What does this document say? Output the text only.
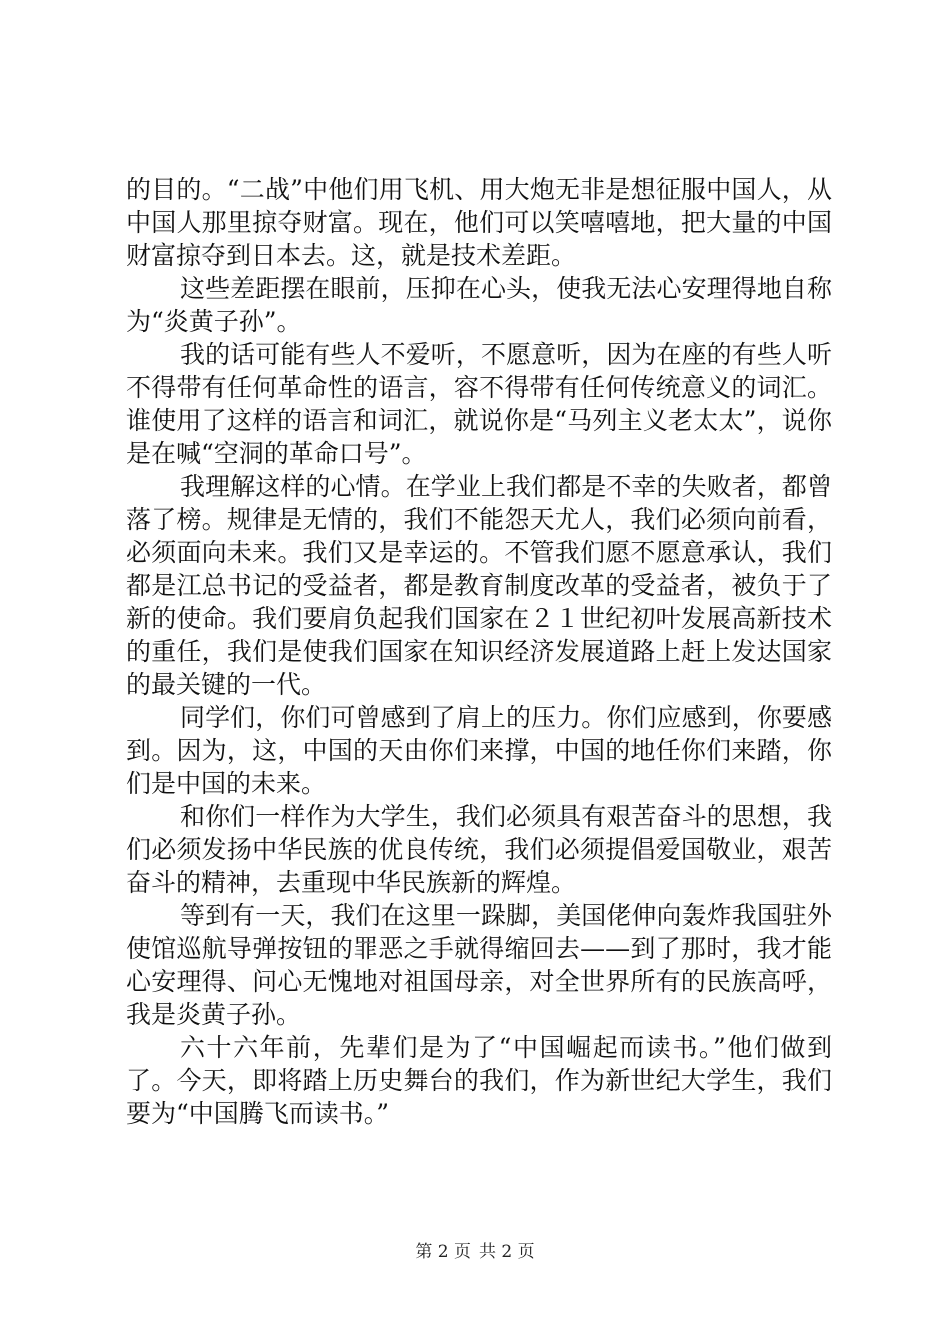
的目的。“二战”中他们用飞机、用大炮无非是想征服中国人，从中国人那里掠夺财富。现在，他们可以笑嘻嘻地，把大量的中国财富掠夺到日本去。这，就是技术差距。

这些差距摆在眼前，压抑在心头，使我无法心安理得地自称为“炎黄子孙”。

我的话可能有些人不爱听，不愿意听，因为在座的有些人听不得带有任何革命性的语言，容不得带有任何传统意义的词汇。谁使用了这样的语言和词汇，就说你是“马列主义老太太”，说你是在喊“空洞的革命口号”。

我理解这样的心情。在学业上我们都是不幸的失败者，都曾落了榜。规律是无情的，我们不能怨天尤人，我们必须向前看，必须面向未来。我们又是幸运的。不管我们愿不愿意承认，我们都是江总书记的受益者，都是教育制度改革的受益者，被负于了新的使命。我们要肩负起我们国家在２１世纪初叶发展高新技术的重任，我们是使我们国家在知识经济发展道路上赶上发达国家的最关键的一代。

同学们，你们可曾感到了肩上的压力。你们应感到，你要感到。因为，这，中国的天由你们来撑，中国的地任你们来踏，你们是中国的未来。

和你们一样作为大学生，我们必须具有艰苦奋斗的思想，我们必须发扬中华民族的优良传统，我们必须提倡爱国敬业，艰苦奋斗的精神，去重现中华民族新的辉煌。

等到有一天，我们在这里一跺脚，美国佬伸向轰炸我国驻外使馆巡航导弹按钮的罪恶之手就得缩回去——到了那时，我才能心安理得、问心无愧地对祖国母亲，对全世界所有的民族高呼，我是炎黄子孙。

六十六年前，先辈们是为了“中国崛起而读书。”他们做到了。今天，即将踏上历史舞台的我们，作为新世纪大学生，我们要为“中国腾飞而读书。”

第 2 页 共 2 页
